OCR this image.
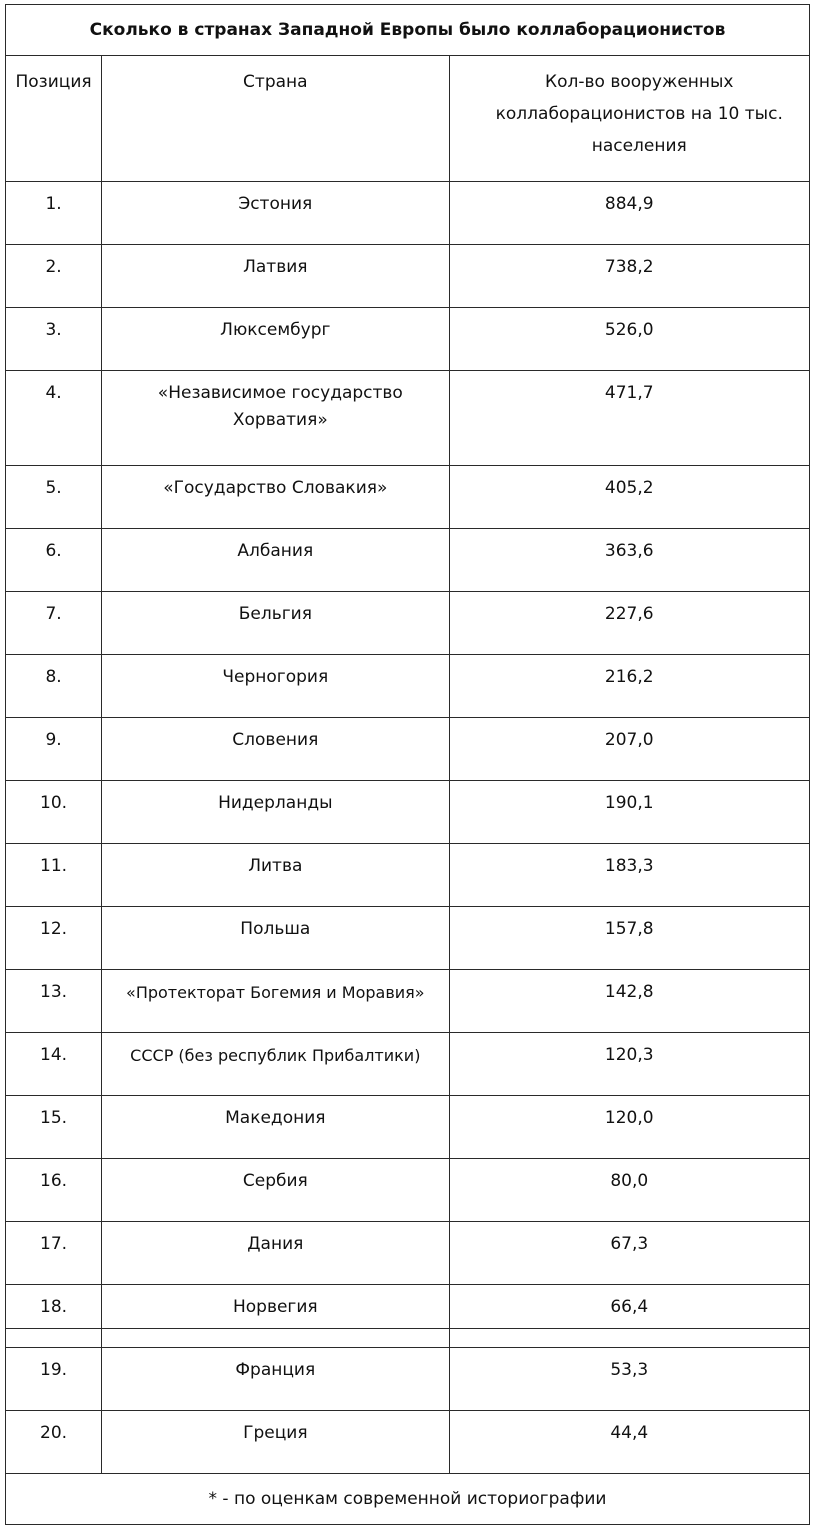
Сколько в странах Западной Европы было коллаборационистов		
Позиция	Страна	Кол-во вооруженных коллаборационистов на 10 тыс. населения
1.	Эстония	884,9
2.	Латвия	738,2
3.	Люксембург	526,0
4.	«Независимое государство Хорватия»	471,7
5.	«Государство Словакия»	405,2
6.	Албания	363,6
7.	Бельгия	227,6
8.	Черногория	216,2
9.	Словения	207,0
10.	Нидерланды	190,1
11.	Литва	183,3
12.	Польша	157,8
13.	«Протекторат Богемия и Моравия»	142,8
14.	СССР (без республик Прибалтики)	120,3
15.	Македония	120,0
16.	Сербия	80,0
17.	Дания	67,3
18.	Норвегия	66,4
19.	Франция	53,3
20.	Греция	44,4
* - по оценкам современной историографии		
